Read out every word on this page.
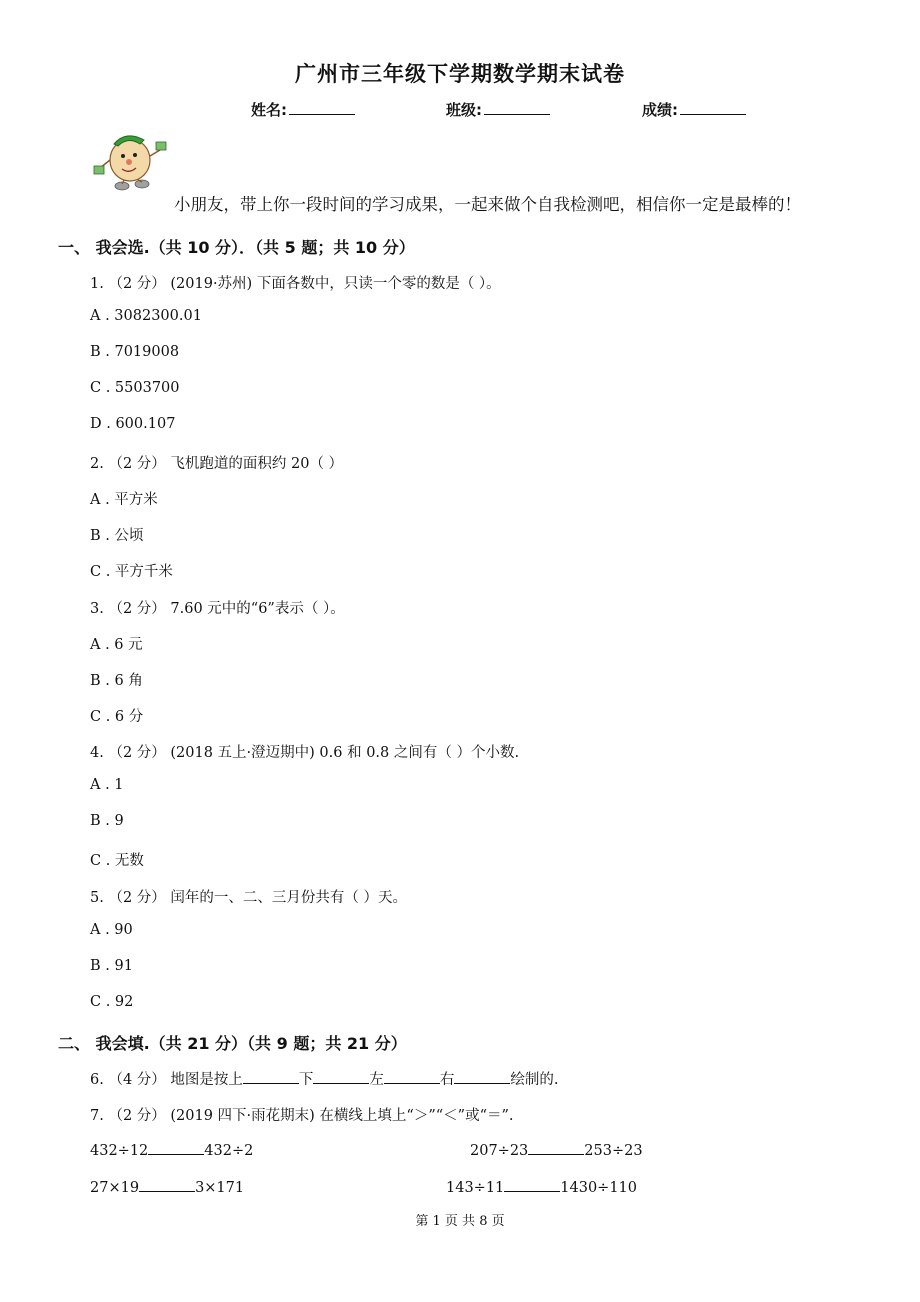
广州市三年级下学期数学期末试卷
姓名:	班级:	成绩:
小朋友，带上你一段时间的学习成果，一起来做个自我检测吧，相信你一定是最棒的！
一、 我会选.（共 10 分）．（共 5 题；共 10 分）
1. （2 分） (2019·苏州) 下面各数中，只读一个零的数是（ ）。
A . 3082300.01
B . 7019008
C . 5503700
D . 600.107
2. （2 分） 飞机跑道的面积约 20（ ）
A . 平方米
B . 公顷
C . 平方千米
3. （2 分） 7.60 元中的“6”表示（ ）。
A . 6 元
B . 6 角
C . 6 分
4. （2 分） (2018 五上·澄迈期中) 0.6 和 0.8 之间有（ ）个小数.
A . 1
B . 9
C . 无数
5. （2 分） 闰年的一、二、三月份共有（ ）天。
A . 90
B . 91
C . 92
二、 我会填.（共 21 分）（共 9 题；共 21 分）
6. （4 分） 地图是按上	下	左	右	绘制的.
7. （2 分） (2019 四下·雨花期末) 在横线上填上“＞”“＜”或“＝”.
432÷12	432÷2	207÷23	253÷23
27×19	3×171	143÷11	1430÷110
第 1 页 共 8 页
